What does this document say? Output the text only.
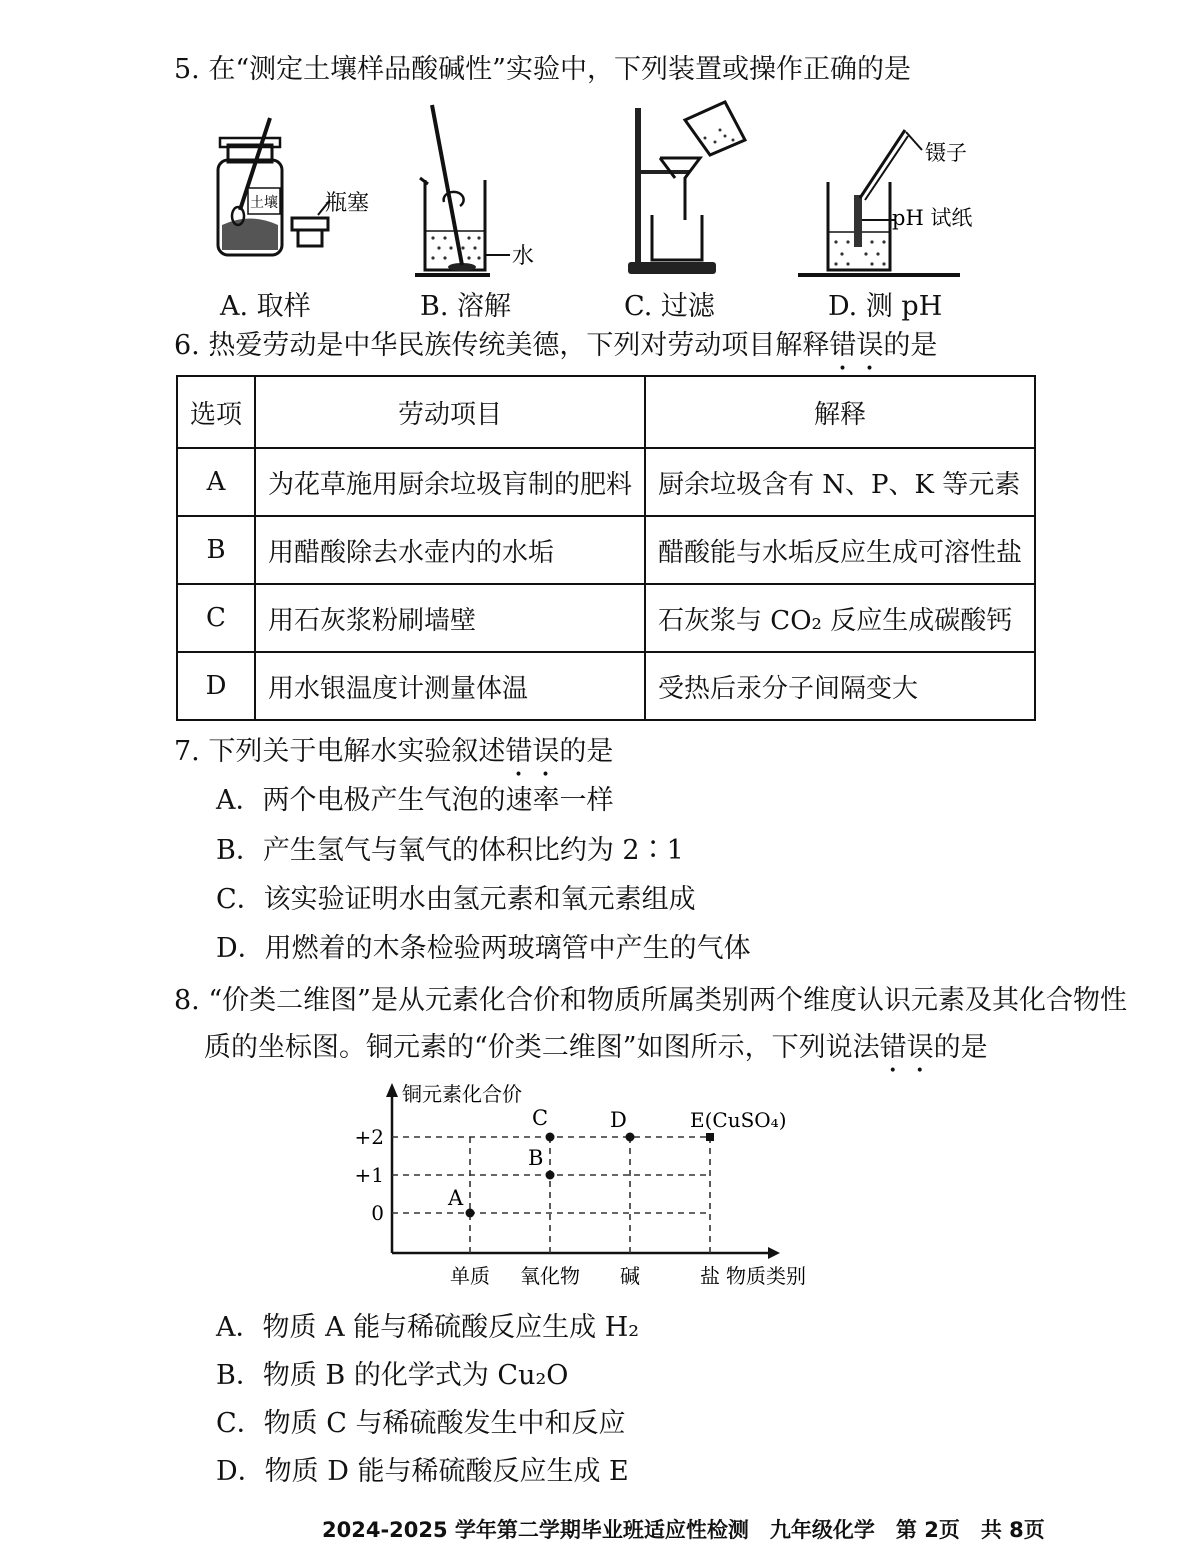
5. 在“测定土壤样品酸碱性”实验中，下列装置或操作正确的是
土壤 瓶塞
水
镊子
pH 试纸
A. 取样	B. 溶解	C. 过滤	D. 测 pH
6. 热爱劳动是中华民族传统美德，下列对劳动项目解释错误的是
选项	劳动项目	解释
A	为花草施用厨余垃圾肓制的肥料	厨余垃圾含有 N、P、K 等元素
B	用醋酸除去水壶内的水垢	醋酸能与水垢反应生成可溶性盐
C	用石灰浆粉刷墙壁	石灰浆与 CO₂ 反应生成碳酸钙
D	用水银温度计测量体温	受热后汞分子间隔变大
7. 下列关于电解水实验叙述错误的是
A．两个电极产生气泡的速率一样
B．产生氢气与氧气的体积比约为 2∶1
C．该实验证明水由氢元素和氧元素组成
D．用燃着的木条检验两玻璃管中产生的气体
8. “价类二维图”是从元素化合价和物质所属类别两个维度认识元素及其化合物性
质的坐标图。铜元素的“价类二维图”如图所示，下列说法错误的是
铜元素化合价
物质类别
+2
+1
0
单质 氧化物 碱	盐
A
B
C	D	E(CuSO₄)
A．物质 A 能与稀硫酸反应生成 H₂
B．物质 B 的化学式为 Cu₂O
C．物质 C 与稀硫酸发生中和反应
D．物质 D 能与稀硫酸反应生成 E
2024-2025 学年第二学期毕业班适应性检测　九年级化学　第 2页　共 8页
